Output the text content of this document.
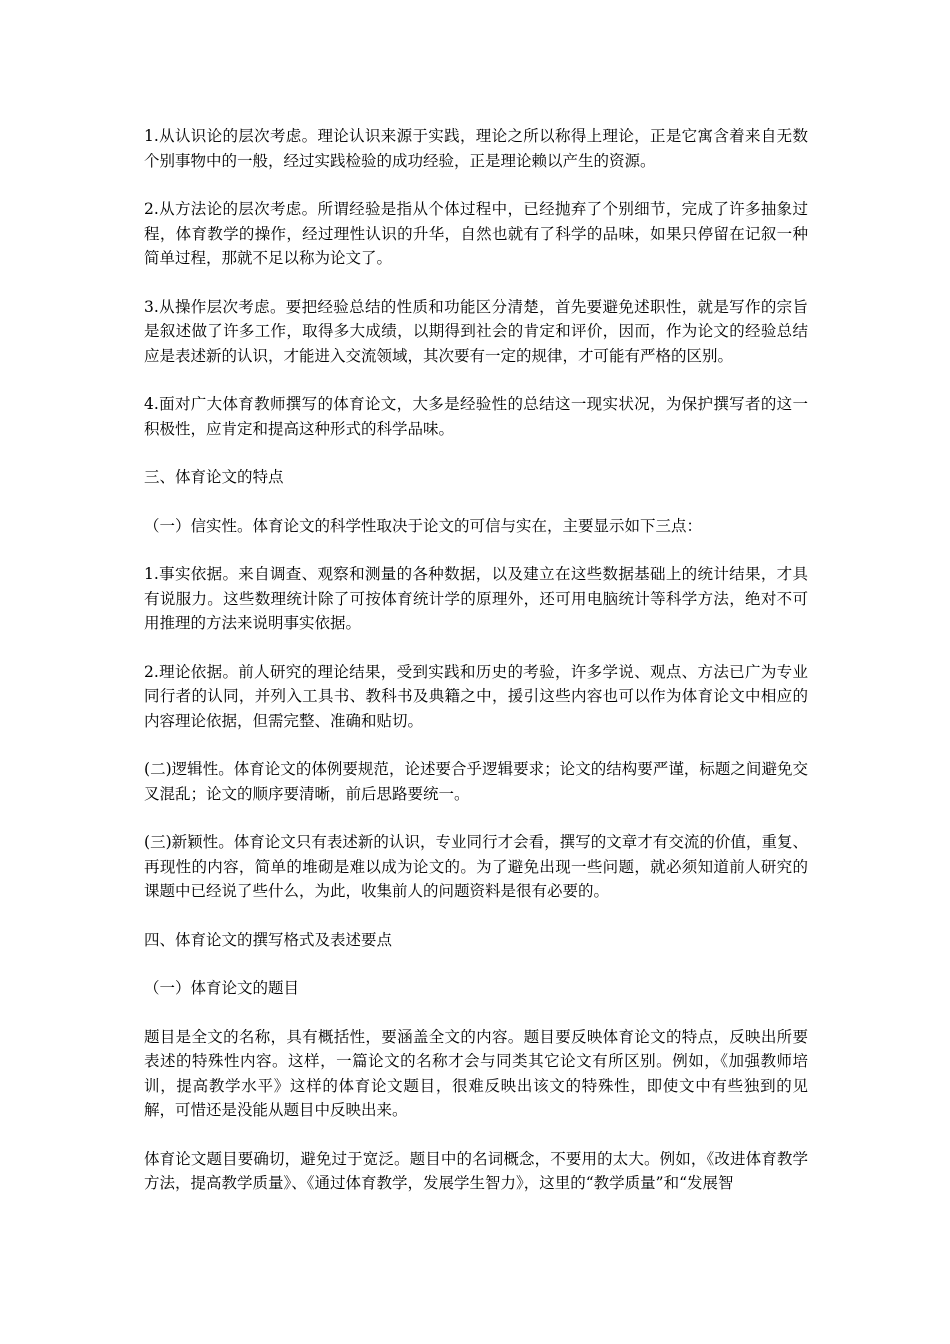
1.从认识论的层次考虑。理论认识来源于实践，理论之所以称得上理论，正是它寓含着来自无数个别事物中的一般，经过实践检验的成功经验，正是理论赖以产生的资源。

2.从方法论的层次考虑。所谓经验是指从个体过程中，已经抛弃了个别细节，完成了许多抽象过程，体育教学的操作，经过理性认识的升华，自然也就有了科学的品味，如果只停留在记叙一种简单过程，那就不足以称为论文了。

3.从操作层次考虑。要把经验总结的性质和功能区分清楚，首先要避免述职性，就是写作的宗旨是叙述做了许多工作，取得多大成绩，以期得到社会的肯定和评价，因而，作为论文的经验总结应是表述新的认识，才能进入交流领域，其次要有一定的规律，才可能有严格的区别。

4.面对广大体育教师撰写的体育论文，大多是经验性的总结这一现实状况，为保护撰写者的这一积极性，应肯定和提高这种形式的科学品味。

三、体育论文的特点

（一）信实性。体育论文的科学性取决于论文的可信与实在，主要显示如下三点：

1.事实依据。来自调查、观察和测量的各种数据，以及建立在这些数据基础上的统计结果，才具有说服力。这些数理统计除了可按体育统计学的原理外，还可用电脑统计等科学方法，绝对不可用推理的方法来说明事实依据。

2.理论依据。前人研究的理论结果，受到实践和历史的考验，许多学说、观点、方法已广为专业同行者的认同，并列入工具书、教科书及典籍之中，援引这些内容也可以作为体育论文中相应的内容理论依据，但需完整、准确和贴切。

(二)逻辑性。体育论文的体例要规范，论述要合乎逻辑要求；论文的结构要严谨，标题之间避免交叉混乱；论文的顺序要清晰，前后思路要统一。

(三)新颖性。体育论文只有表述新的认识，专业同行才会看，撰写的文章才有交流的价值，重复、再现性的内容，简单的堆砌是难以成为论文的。为了避免出现一些问题，就必须知道前人研究的课题中已经说了些什么，为此，收集前人的问题资料是很有必要的。

四、体育论文的撰写格式及表述要点

（一）体育论文的题目

题目是全文的名称，具有概括性，要涵盖全文的内容。题目要反映体育论文的特点，反映出所要表述的特殊性内容。这样，一篇论文的名称才会与同类其它论文有所区别。例如，《加强教师培训，提高教学水平》这样的体育论文题目，很难反映出该文的特殊性，即使文中有些独到的见解，可惜还是没能从题目中反映出来。

体育论文题目要确切，避免过于宽泛。题目中的名词概念，不要用的太大。例如，《改进体育教学方法，提高教学质量》、《通过体育教学，发展学生智力》，这里的“教学质量”和“发展智
